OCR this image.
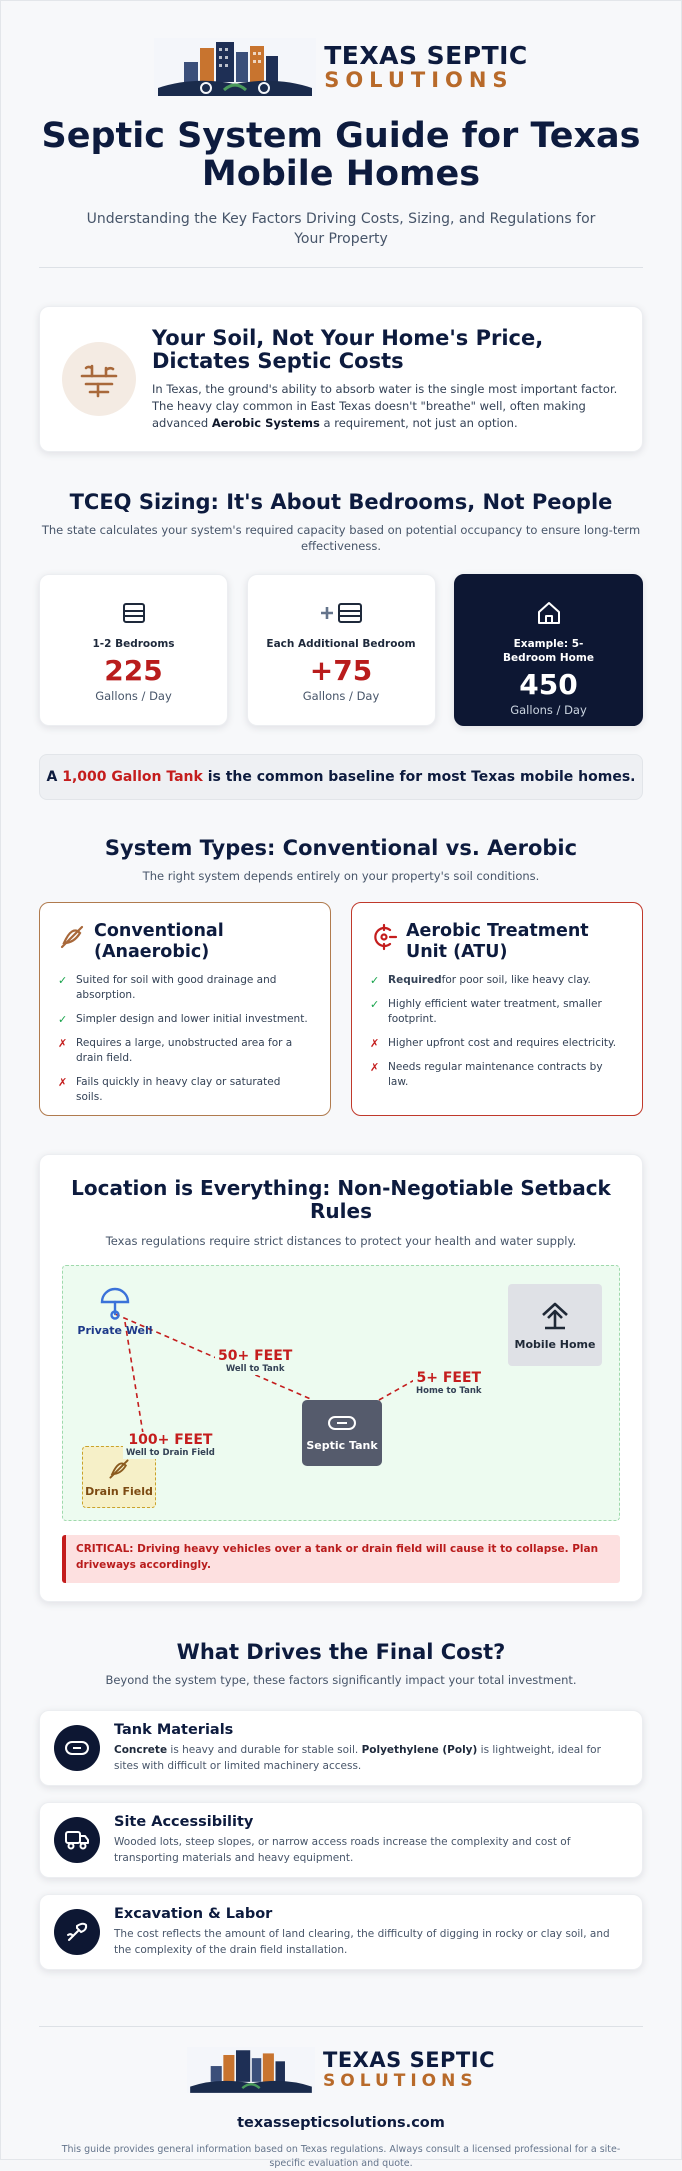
TEXAS SEPTIC
SOLUTIONS
Septic System Guide for Texas Mobile Homes

Understanding the Key Factors Driving Costs, Sizing, and Regulations for Your Property

Your Soil, Not Your Home's Price, Dictates Septic Costs

In Texas, the ground's ability to absorb water is the single most important factor. The heavy clay common in East Texas doesn't "breathe" well, often making advanced Aerobic Systems a requirement, not just an option.

TCEQ Sizing: It's About Bedrooms, Not People

The state calculates your system's required capacity based on potential occupancy to ensure long-term effectiveness.

1-2 Bedrooms
225
Gallons / Day
Each Additional Bedroom
+75
Gallons / Day
Example: 5-Bedroom Home
450
Gallons / Day
A
1,000 Gallon Tank
is the common baseline for most Texas mobile homes.
System Types: Conventional vs. Aerobic

The right system depends entirely on your property's soil conditions.

Conventional (Anaerobic)
✓ Suited for soil with good drainage and absorption.
✓ Simpler design and lower initial investment.
✗ Requires a large, unobstructed area for a drain field.
✗ Fails quickly in heavy clay or saturated soils.
Aerobic Treatment Unit (ATU)
✓ Requiredfor poor soil, like heavy clay.
✓ Highly efficient water treatment, smaller footprint.
✗ Higher upfront cost and requires electricity.
✗ Needs regular maintenance contracts by law.
Location is Everything: Non-Negotiable Setback Rules

Texas regulations require strict distances to protect your health and water supply.

Private Well
Mobile Home
Septic Tank
Drain Field
50+ FEET
Well to Tank
5+ FEET
Home to Tank
100+ FEET
Well to Drain Field
CRITICAL: Driving heavy vehicles over a tank or drain field will cause it to collapse. Plan driveways accordingly.
What Drives the Final Cost?

Beyond the system type, these factors significantly impact your total investment.

Tank Materials

Concrete is heavy and durable for stable soil. Polyethylene (Poly) is lightweight, ideal for sites with difficult or limited machinery access.

Site Accessibility

Wooded lots, steep slopes, or narrow access roads increase the complexity and cost of transporting materials and heavy equipment.

Excavation & Labor

The cost reflects the amount of land clearing, the difficulty of digging in rocky or clay soil, and the complexity of the drain field installation.

TEXAS SEPTIC
SOLUTIONS
texassepticsolutions.com

This guide provides general information based on Texas regulations. Always consult a licensed professional for a site-specific evaluation and quote.
